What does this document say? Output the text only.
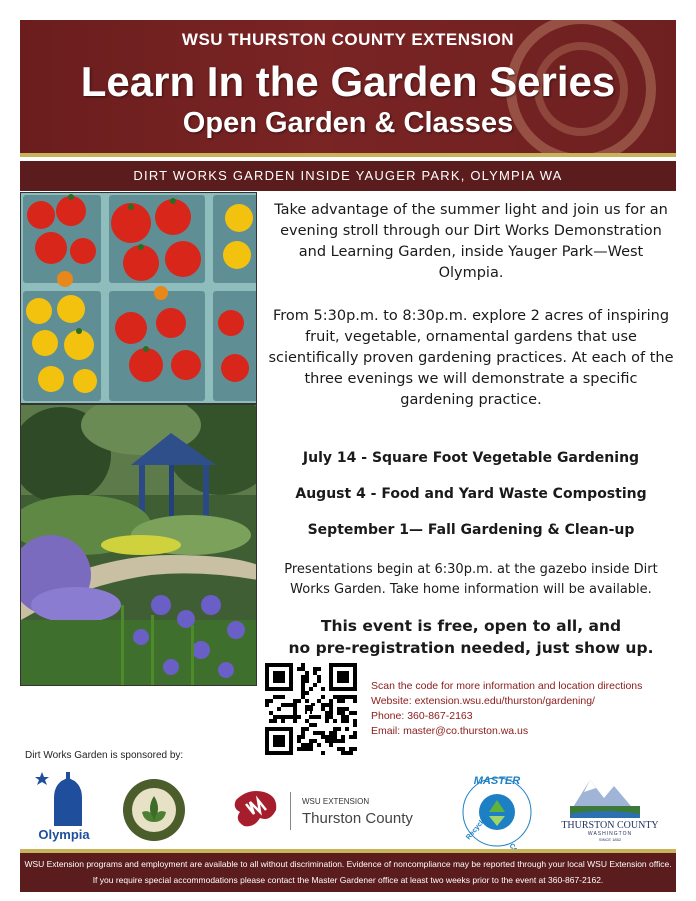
WSU THURSTON COUNTY EXTENSION
Learn In the Garden Series
Open Garden & Classes
DIRT WORKS GARDEN INSIDE YAUGER PARK, OLYMPIA WA

Take advantage of the summer light and join us for an evening stroll through our Dirt Works Demonstration and Learning Garden, inside Yauger Park—West Olympia.

From 5:30p.m. to 8:30p.m. explore 2 acres of inspiring fruit, vegetable, ornamental gardens that use scientifically proven gardening practices. At each of the three evenings we will demonstrate a specific gardening practice.

July 14 - Square Foot Vegetable Gardening
August 4 - Food and Yard Waste Composting
September 1— Fall Gardening & Clean-up

Presentations begin at 6:30p.m. at the gazebo inside Dirt Works Garden. Take home information will be available.

This event is free, open to all, and
no pre-registration needed, just show up.
Scan the code for more information and location directions
Website: extension.wsu.edu/thurston/gardening/
Phone: 360-867-2163
Email: master@co.thurston.wa.us
Dirt Works Garden is sponsored by:
Olympia
WSU EXTENSION
Thurston County
MASTER
Recycler	THURSTON COUNTY
WASHINGTON
SINCE 1852
WSU Extension programs and employment are available to all without discrimination. Evidence of noncompliance may be reported through your local WSU Extension office.
If you require special accommodations please contact the Master Gardener office at least two weeks prior to the event at 360-867-2162.
